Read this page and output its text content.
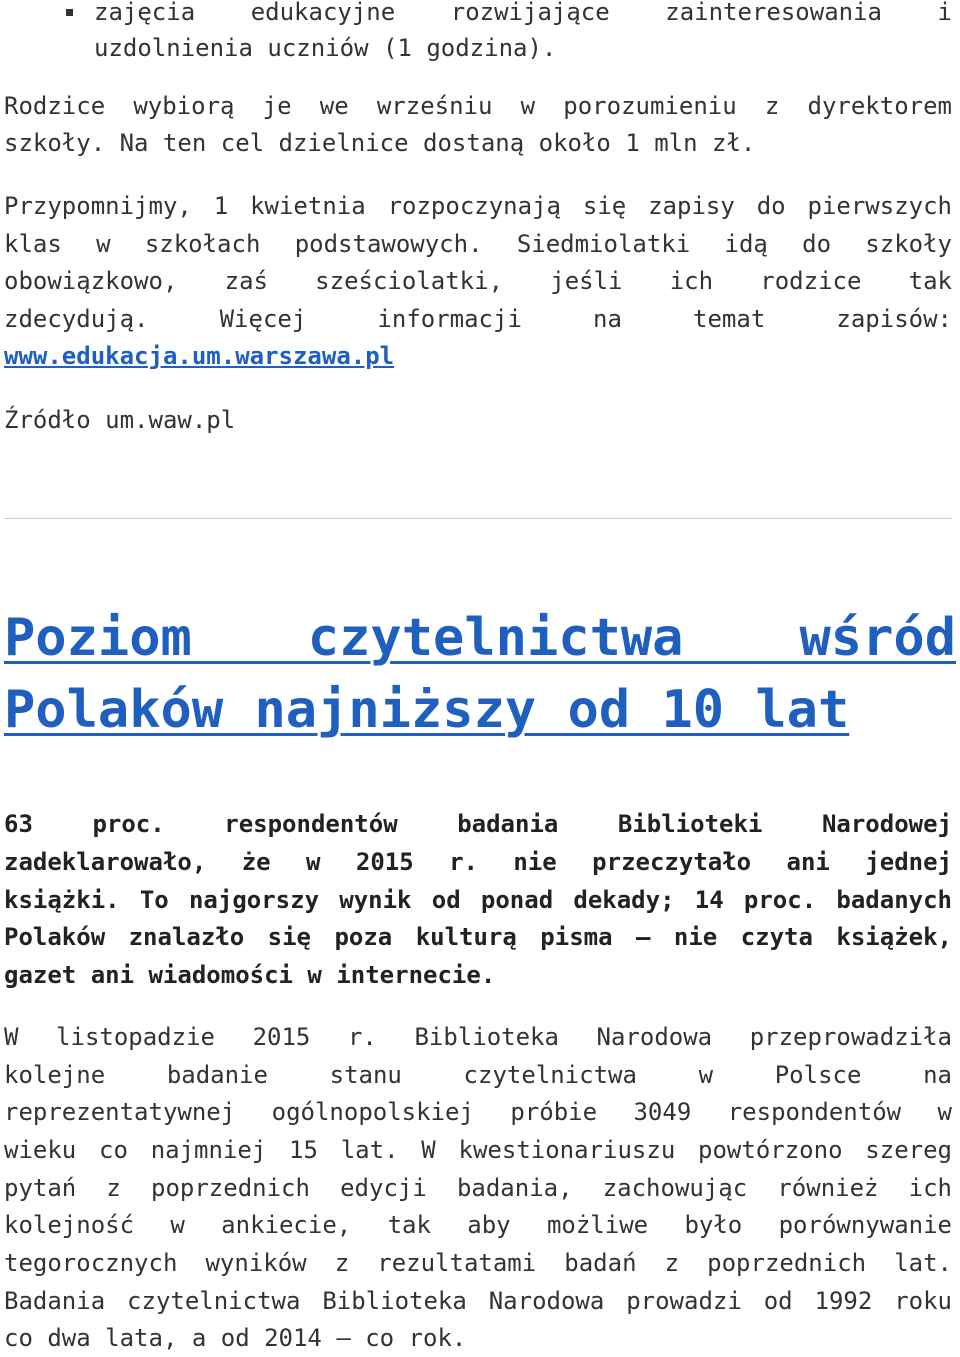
zajęcia edukacyjne rozwijające zainteresowania i
uzdolnienia uczniów (1 godzina).
Rodzice wybiorą je we wrześniu w porozumieniu z dyrektorem
szkoły. Na ten cel dzielnice dostaną około 1 mln zł.
Przypomnijmy, 1 kwietnia rozpoczynają się zapisy do pierwszych
klas w szkołach podstawowych. Siedmiolatki idą do szkoły
obowiązkowo, zaś sześciolatki, jeśli ich rodzice tak
zdecydują. Więcej informacji na temat zapisów:
www.edukacja.um.warszawa.pl
Źródło um.waw.pl
Poziom czytelnictwa wśród
Polaków najniższy od 10 lat
63 proc. respondentów badania Biblioteki Narodowej
zadeklarowało, że w 2015 r. nie przeczytało ani jednej
książki. To najgorszy wynik od ponad dekady; 14 proc. badanych
Polaków znalazło się poza kulturą pisma – nie czyta książek,
gazet ani wiadomości w internecie.
W listopadzie 2015 r. Biblioteka Narodowa przeprowadziła
kolejne badanie stanu czytelnictwa w Polsce na
reprezentatywnej ogólnopolskiej próbie 3049 respondentów w
wieku co najmniej 15 lat. W kwestionariuszu powtórzono szereg
pytań z poprzednich edycji badania, zachowując również ich
kolejność w ankiecie, tak aby możliwe było porównywanie
tegorocznych wyników z rezultatami badań z poprzednich lat.
Badania czytelnictwa Biblioteka Narodowa prowadzi od 1992 roku
co dwa lata, a od 2014 – co rok.
